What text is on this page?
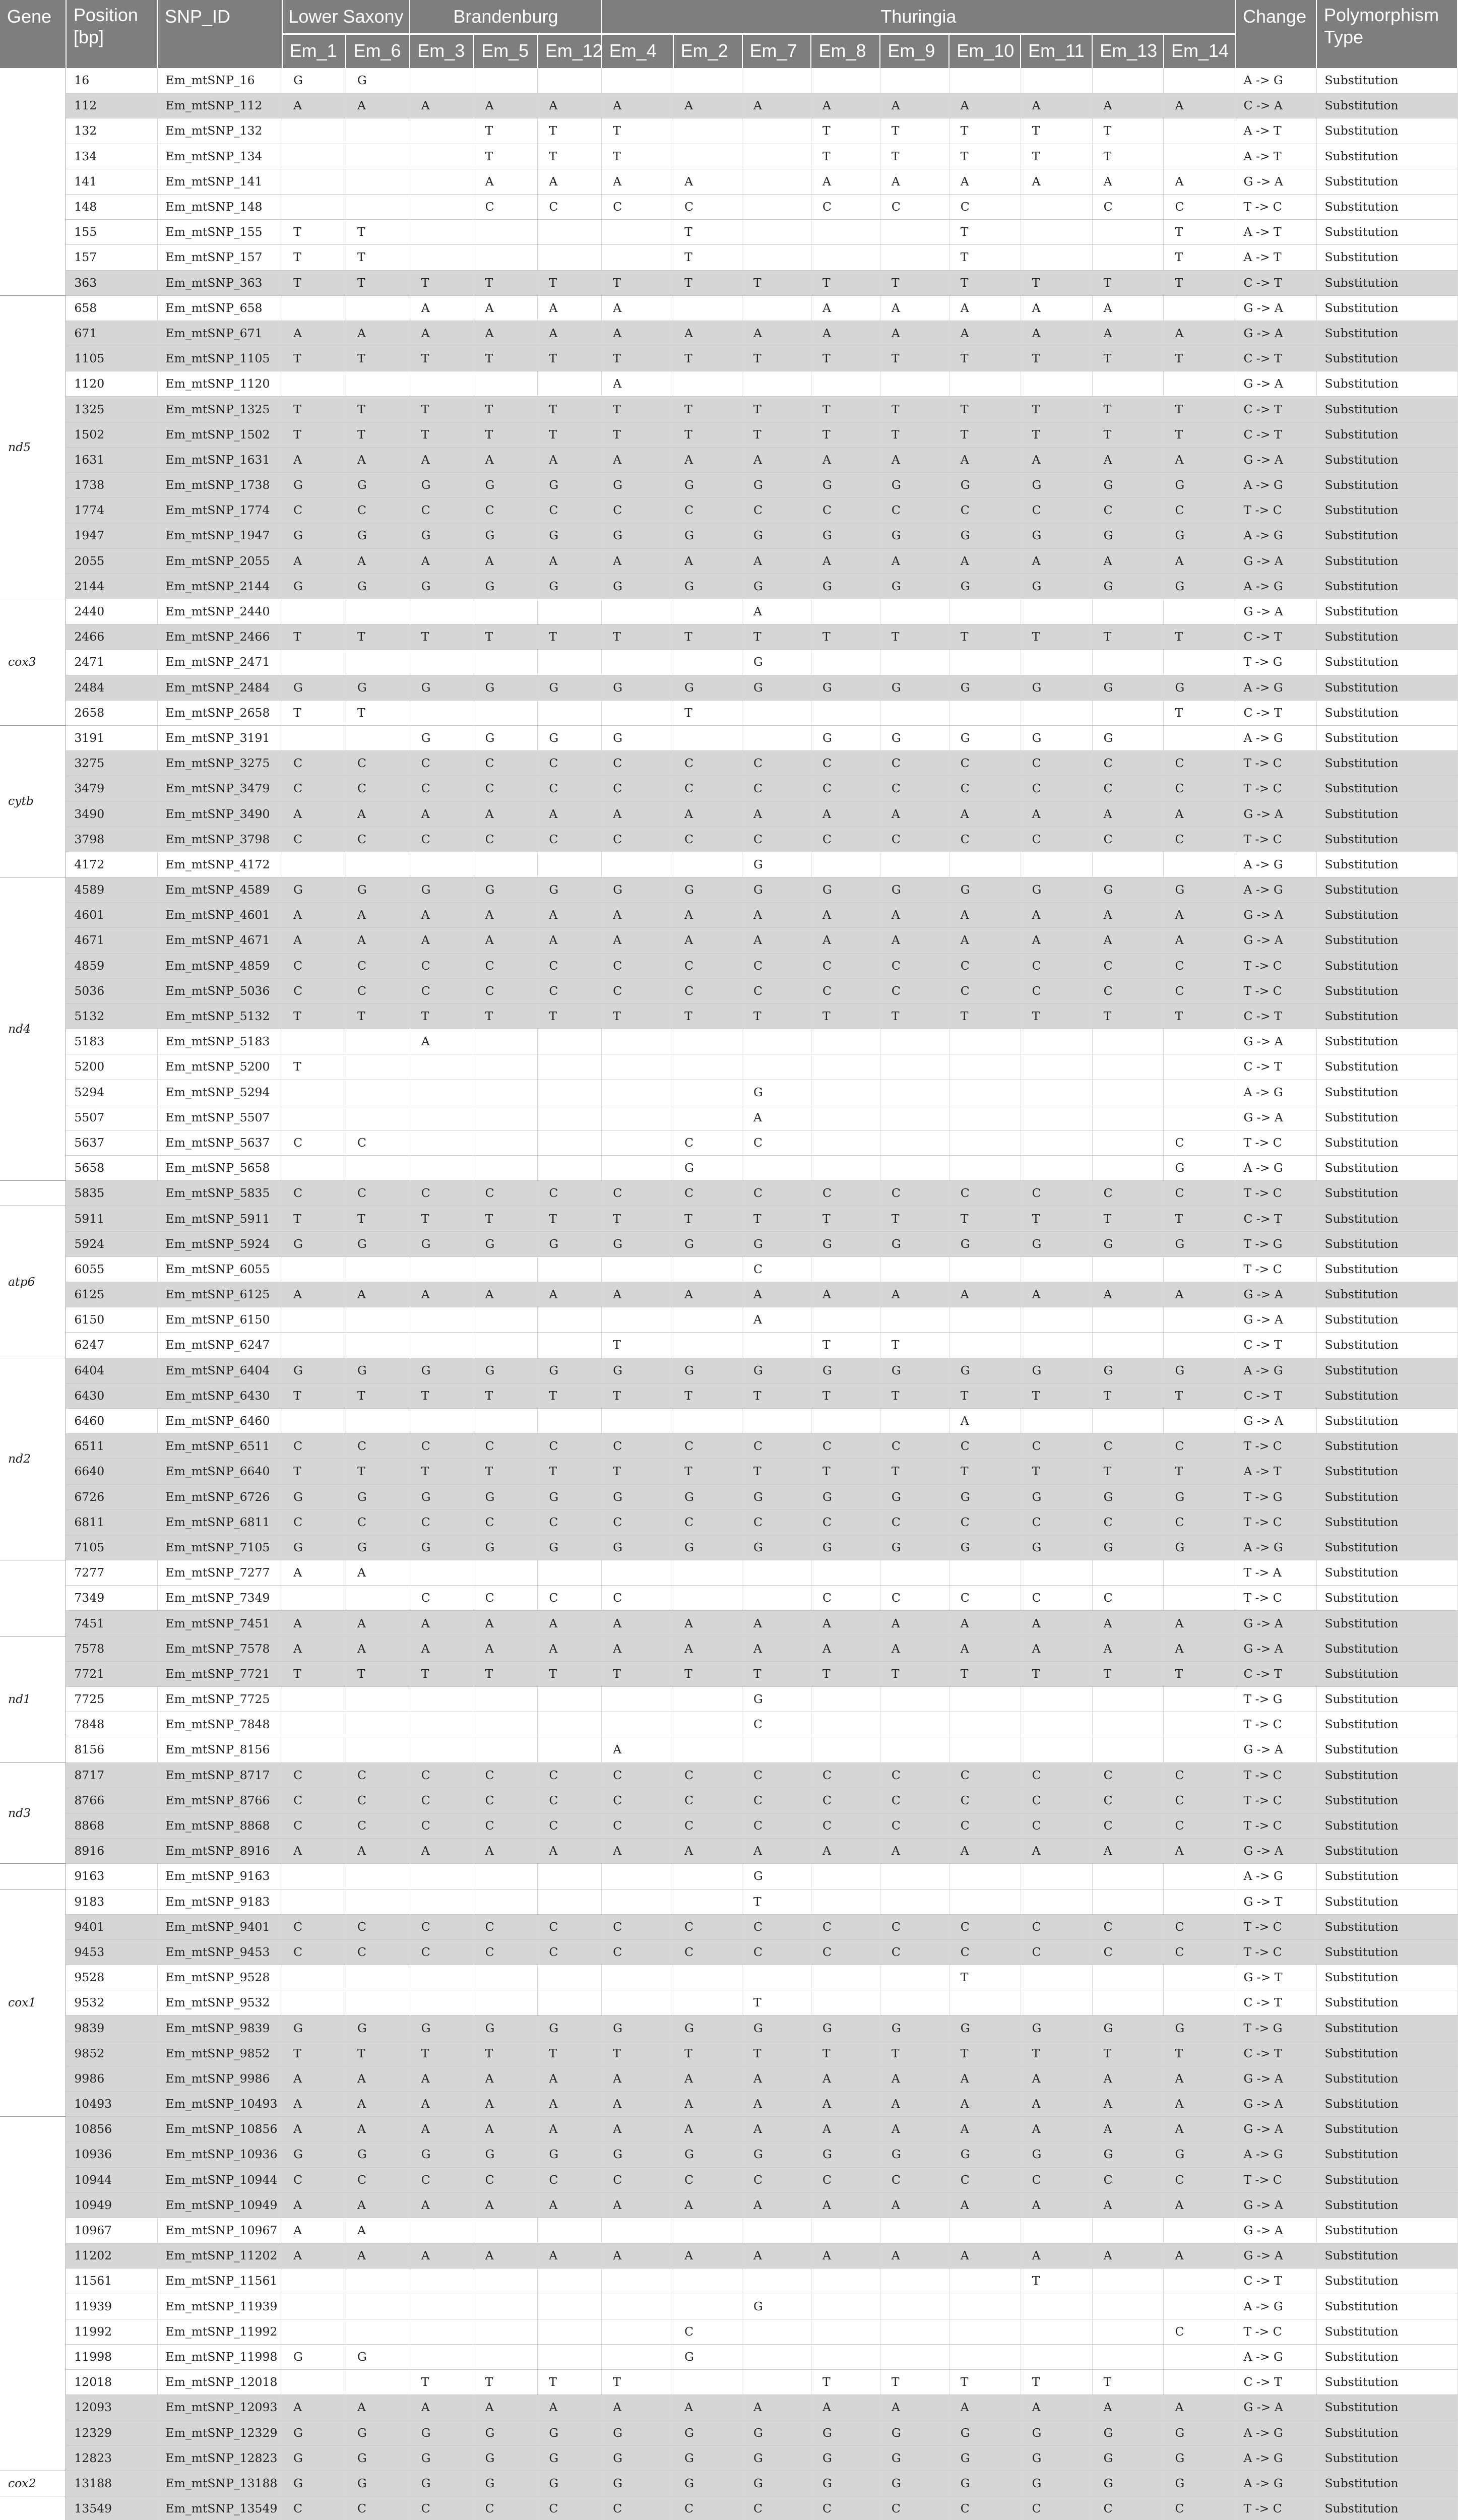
Gene	Position [bp]	SNP_ID	Lower Saxony		Brandenburg			Thuringia									Change	Polymorphism Type
			Em_1	Em_6	Em_3	Em_5	Em_12	Em_4	Em_2	Em_7	Em_8	Em_9	Em_10	Em_11	Em_13	Em_14		
	16	Em_mtSNP_16	G	G													A -> G	Substitution
	112	Em_mtSNP_112	A	A	A	A	A	A	A	A	A	A	A	A	A	A	C -> A	Substitution
	132	Em_mtSNP_132				T	T	T			T	T	T	T	T		A -> T	Substitution
	134	Em_mtSNP_134				T	T	T			T	T	T	T	T		A -> T	Substitution
	141	Em_mtSNP_141				A	A	A	A		A	A	A	A	A	A	G -> A	Substitution
	148	Em_mtSNP_148				C	C	C	C		C	C	C		C	C	T -> C	Substitution
	155	Em_mtSNP_155	T	T					T				T			T	A -> T	Substitution
	157	Em_mtSNP_157	T	T					T				T			T	A -> T	Substitution
	363	Em_mtSNP_363	T	T	T	T	T	T	T	T	T	T	T	T	T	T	C -> T	Substitution
nd5	658	Em_mtSNP_658			A	A	A	A			A	A	A	A	A		G -> A	Substitution
	671	Em_mtSNP_671	A	A	A	A	A	A	A	A	A	A	A	A	A	A	G -> A	Substitution
	1105	Em_mtSNP_1105	T	T	T	T	T	T	T	T	T	T	T	T	T	T	C -> T	Substitution
	1120	Em_mtSNP_1120						A									G -> A	Substitution
	1325	Em_mtSNP_1325	T	T	T	T	T	T	T	T	T	T	T	T	T	T	C -> T	Substitution
	1502	Em_mtSNP_1502	T	T	T	T	T	T	T	T	T	T	T	T	T	T	C -> T	Substitution
	1631	Em_mtSNP_1631	A	A	A	A	A	A	A	A	A	A	A	A	A	A	G -> A	Substitution
	1738	Em_mtSNP_1738	G	G	G	G	G	G	G	G	G	G	G	G	G	G	A -> G	Substitution
	1774	Em_mtSNP_1774	C	C	C	C	C	C	C	C	C	C	C	C	C	C	T -> C	Substitution
	1947	Em_mtSNP_1947	G	G	G	G	G	G	G	G	G	G	G	G	G	G	A -> G	Substitution
	2055	Em_mtSNP_2055	A	A	A	A	A	A	A	A	A	A	A	A	A	A	G -> A	Substitution
	2144	Em_mtSNP_2144	G	G	G	G	G	G	G	G	G	G	G	G	G	G	A -> G	Substitution
cox3	2440	Em_mtSNP_2440								A							G -> A	Substitution
	2466	Em_mtSNP_2466	T	T	T	T	T	T	T	T	T	T	T	T	T	T	C -> T	Substitution
	2471	Em_mtSNP_2471								G							T -> G	Substitution
	2484	Em_mtSNP_2484	G	G	G	G	G	G	G	G	G	G	G	G	G	G	A -> G	Substitution
	2658	Em_mtSNP_2658	T	T					T							T	C -> T	Substitution
cytb	3191	Em_mtSNP_3191			G	G	G	G			G	G	G	G	G		A -> G	Substitution
	3275	Em_mtSNP_3275	C	C	C	C	C	C	C	C	C	C	C	C	C	C	T -> C	Substitution
	3479	Em_mtSNP_3479	C	C	C	C	C	C	C	C	C	C	C	C	C	C	T -> C	Substitution
	3490	Em_mtSNP_3490	A	A	A	A	A	A	A	A	A	A	A	A	A	A	G -> A	Substitution
	3798	Em_mtSNP_3798	C	C	C	C	C	C	C	C	C	C	C	C	C	C	T -> C	Substitution
	4172	Em_mtSNP_4172								G							A -> G	Substitution
nd4	4589	Em_mtSNP_4589	G	G	G	G	G	G	G	G	G	G	G	G	G	G	A -> G	Substitution
	4601	Em_mtSNP_4601	A	A	A	A	A	A	A	A	A	A	A	A	A	A	G -> A	Substitution
	4671	Em_mtSNP_4671	A	A	A	A	A	A	A	A	A	A	A	A	A	A	G -> A	Substitution
	4859	Em_mtSNP_4859	C	C	C	C	C	C	C	C	C	C	C	C	C	C	T -> C	Substitution
	5036	Em_mtSNP_5036	C	C	C	C	C	C	C	C	C	C	C	C	C	C	T -> C	Substitution
	5132	Em_mtSNP_5132	T	T	T	T	T	T	T	T	T	T	T	T	T	T	C -> T	Substitution
	5183	Em_mtSNP_5183			A												G -> A	Substitution
	5200	Em_mtSNP_5200	T														C -> T	Substitution
	5294	Em_mtSNP_5294								G							A -> G	Substitution
	5507	Em_mtSNP_5507								A							G -> A	Substitution
	5637	Em_mtSNP_5637	C	C					C	C						C	T -> C	Substitution
	5658	Em_mtSNP_5658							G							G	A -> G	Substitution
	5835	Em_mtSNP_5835	C	C	C	C	C	C	C	C	C	C	C	C	C	C	T -> C	Substitution
atp6	5911	Em_mtSNP_5911	T	T	T	T	T	T	T	T	T	T	T	T	T	T	C -> T	Substitution
	5924	Em_mtSNP_5924	G	G	G	G	G	G	G	G	G	G	G	G	G	G	T -> G	Substitution
	6055	Em_mtSNP_6055								C							T -> C	Substitution
	6125	Em_mtSNP_6125	A	A	A	A	A	A	A	A	A	A	A	A	A	A	G -> A	Substitution
	6150	Em_mtSNP_6150								A							G -> A	Substitution
	6247	Em_mtSNP_6247						T			T	T					C -> T	Substitution
nd2	6404	Em_mtSNP_6404	G	G	G	G	G	G	G	G	G	G	G	G	G	G	A -> G	Substitution
	6430	Em_mtSNP_6430	T	T	T	T	T	T	T	T	T	T	T	T	T	T	C -> T	Substitution
	6460	Em_mtSNP_6460											A				G -> A	Substitution
	6511	Em_mtSNP_6511	C	C	C	C	C	C	C	C	C	C	C	C	C	C	T -> C	Substitution
	6640	Em_mtSNP_6640	T	T	T	T	T	T	T	T	T	T	T	T	T	T	A -> T	Substitution
	6726	Em_mtSNP_6726	G	G	G	G	G	G	G	G	G	G	G	G	G	G	T -> G	Substitution
	6811	Em_mtSNP_6811	C	C	C	C	C	C	C	C	C	C	C	C	C	C	T -> C	Substitution
	7105	Em_mtSNP_7105	G	G	G	G	G	G	G	G	G	G	G	G	G	G	A -> G	Substitution
	7277	Em_mtSNP_7277	A	A													T -> A	Substitution
	7349	Em_mtSNP_7349			C	C	C	C			C	C	C	C	C		T -> C	Substitution
	7451	Em_mtSNP_7451	A	A	A	A	A	A	A	A	A	A	A	A	A	A	G -> A	Substitution
nd1	7578	Em_mtSNP_7578	A	A	A	A	A	A	A	A	A	A	A	A	A	A	G -> A	Substitution
	7721	Em_mtSNP_7721	T	T	T	T	T	T	T	T	T	T	T	T	T	T	C -> T	Substitution
	7725	Em_mtSNP_7725								G							T -> G	Substitution
	7848	Em_mtSNP_7848								C							T -> C	Substitution
	8156	Em_mtSNP_8156						A									G -> A	Substitution
nd3	8717	Em_mtSNP_8717	C	C	C	C	C	C	C	C	C	C	C	C	C	C	T -> C	Substitution
	8766	Em_mtSNP_8766	C	C	C	C	C	C	C	C	C	C	C	C	C	C	T -> C	Substitution
	8868	Em_mtSNP_8868	C	C	C	C	C	C	C	C	C	C	C	C	C	C	T -> C	Substitution
	8916	Em_mtSNP_8916	A	A	A	A	A	A	A	A	A	A	A	A	A	A	G -> A	Substitution
	9163	Em_mtSNP_9163								G							A -> G	Substitution
cox1	9183	Em_mtSNP_9183								T							G -> T	Substitution
	9401	Em_mtSNP_9401	C	C	C	C	C	C	C	C	C	C	C	C	C	C	T -> C	Substitution
	9453	Em_mtSNP_9453	C	C	C	C	C	C	C	C	C	C	C	C	C	C	T -> C	Substitution
	9528	Em_mtSNP_9528											T				G -> T	Substitution
	9532	Em_mtSNP_9532								T							C -> T	Substitution
	9839	Em_mtSNP_9839	G	G	G	G	G	G	G	G	G	G	G	G	G	G	T -> G	Substitution
	9852	Em_mtSNP_9852	T	T	T	T	T	T	T	T	T	T	T	T	T	T	C -> T	Substitution
	9986	Em_mtSNP_9986	A	A	A	A	A	A	A	A	A	A	A	A	A	A	G -> A	Substitution
	10493	Em_mtSNP_10493	A	A	A	A	A	A	A	A	A	A	A	A	A	A	G -> A	Substitution
	10856	Em_mtSNP_10856	A	A	A	A	A	A	A	A	A	A	A	A	A	A	G -> A	Substitution
	10936	Em_mtSNP_10936	G	G	G	G	G	G	G	G	G	G	G	G	G	G	A -> G	Substitution
	10944	Em_mtSNP_10944	C	C	C	C	C	C	C	C	C	C	C	C	C	C	T -> C	Substitution
	10949	Em_mtSNP_10949	A	A	A	A	A	A	A	A	A	A	A	A	A	A	G -> A	Substitution
	10967	Em_mtSNP_10967	A	A													G -> A	Substitution
	11202	Em_mtSNP_11202	A	A	A	A	A	A	A	A	A	A	A	A	A	A	G -> A	Substitution
	11561	Em_mtSNP_11561												T			C -> T	Substitution
	11939	Em_mtSNP_11939								G							A -> G	Substitution
	11992	Em_mtSNP_11992							C							C	T -> C	Substitution
	11998	Em_mtSNP_11998	G	G					G								A -> G	Substitution
	12018	Em_mtSNP_12018			T	T	T	T			T	T	T	T	T		C -> T	Substitution
	12093	Em_mtSNP_12093	A	A	A	A	A	A	A	A	A	A	A	A	A	A	G -> A	Substitution
	12329	Em_mtSNP_12329	G	G	G	G	G	G	G	G	G	G	G	G	G	G	A -> G	Substitution
	12823	Em_mtSNP_12823	G	G	G	G	G	G	G	G	G	G	G	G	G	G	A -> G	Substitution
cox2	13188	Em_mtSNP_13188	G	G	G	G	G	G	G	G	G	G	G	G	G	G	A -> G	Substitution
	13549	Em_mtSNP_13549	C	C	C	C	C	C	C	C	C	C	C	C	C	C	T -> C	Substitution
